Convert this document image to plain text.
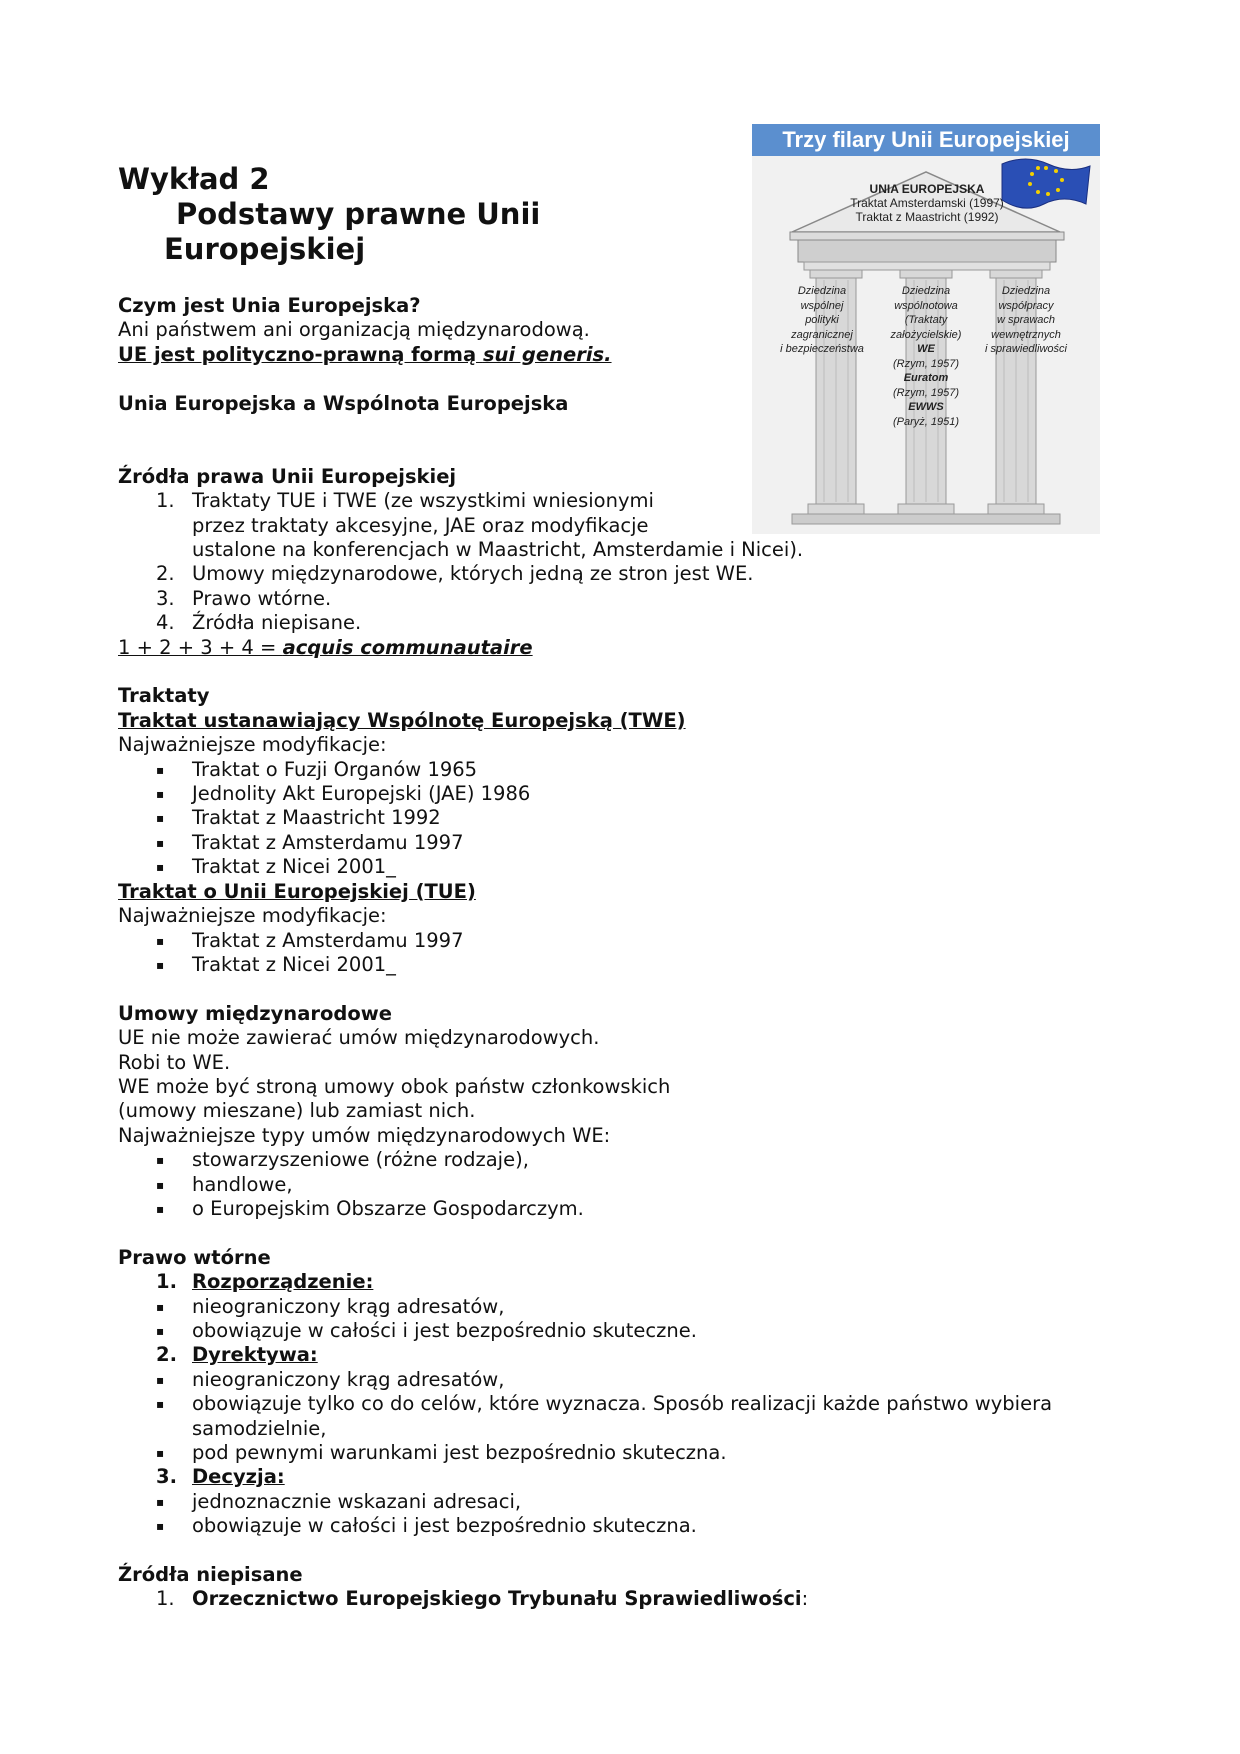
Wykład 2
Podstawy prawne Unii
Europejskiej
Trzy filary Unii Europejskiej
UNIA EUROPEJSKA
Traktat Amsterdamski (1997)
Traktat z Maastricht (1992)
Dziedzina
wspólnej
polityki
zagranicznej
i bezpieczeństwa
Dziedzina
wspólnotowa
(Traktaty
założycielskie)
WE
(Rzym, 1957)
Euratom
(Rzym, 1957)
EWWS
(Paryż, 1951)
Dziedzina
współpracy
w sprawach
wewnętrznych
i sprawiedliwości

Czym jest Unia Europejska?

Ani państwem ani organizacją międzynarodową.

UE jest polityczno-prawną formą sui generis.

Unia Europejska a Wspólnota Europejska

Źródła prawa Unii Europejskiej

1. Traktaty TUE i TWE (ze wszystkimi wniesionymi
przez traktaty akcesyjne, JAE oraz modyfikacje
ustalone na konferencjach w Maastricht, Amsterdamie i Nicei).
2. Umowy międzynarodowe, których jedną ze stron jest WE.
3. Prawo wtórne.
4. Źródła niepisane.

1 + 2 + 3 + 4 = acquis communautaire

Traktaty

Traktat ustanawiający Wspólnotę Europejską (TWE)

Najważniejsze modyfikacje:

▪ Traktat o Fuzji Organów 1965
▪ Jednolity Akt Europejski (JAE) 1986
▪ Traktat z Maastricht 1992
▪ Traktat z Amsterdamu 1997
▪ Traktat z Nicei 2001_

Traktat o Unii Europejskiej (TUE)

Najważniejsze modyfikacje:

▪ Traktat z Amsterdamu 1997
▪ Traktat z Nicei 2001_

Umowy międzynarodowe

UE nie może zawierać umów międzynarodowych.

Robi to WE.

WE może być stroną umowy obok państw członkowskich

(umowy mieszane) lub zamiast nich.

Najważniejsze typy umów międzynarodowych WE:

▪ stowarzyszeniowe (różne rodzaje),
▪ handlowe,
▪ o Europejskim Obszarze Gospodarczym.

Prawo wtórne

1. Rozporządzenie:
▪ nieograniczony krąg adresatów,
▪ obowiązuje w całości i jest bezpośrednio skuteczne.
2. Dyrektywa:
▪ nieograniczony krąg adresatów,
▪ obowiązuje tylko co do celów, które wyznacza. Sposób realizacji każde państwo wybiera samodzielnie,
▪ pod pewnymi warunkami jest bezpośrednio skuteczna.
3. Decyzja:
▪ jednoznacznie wskazani adresaci,
▪ obowiązuje w całości i jest bezpośrednio skuteczna.

Źródła niepisane

1. Orzecznictwo Europejskiego Trybunału Sprawiedliwości:
